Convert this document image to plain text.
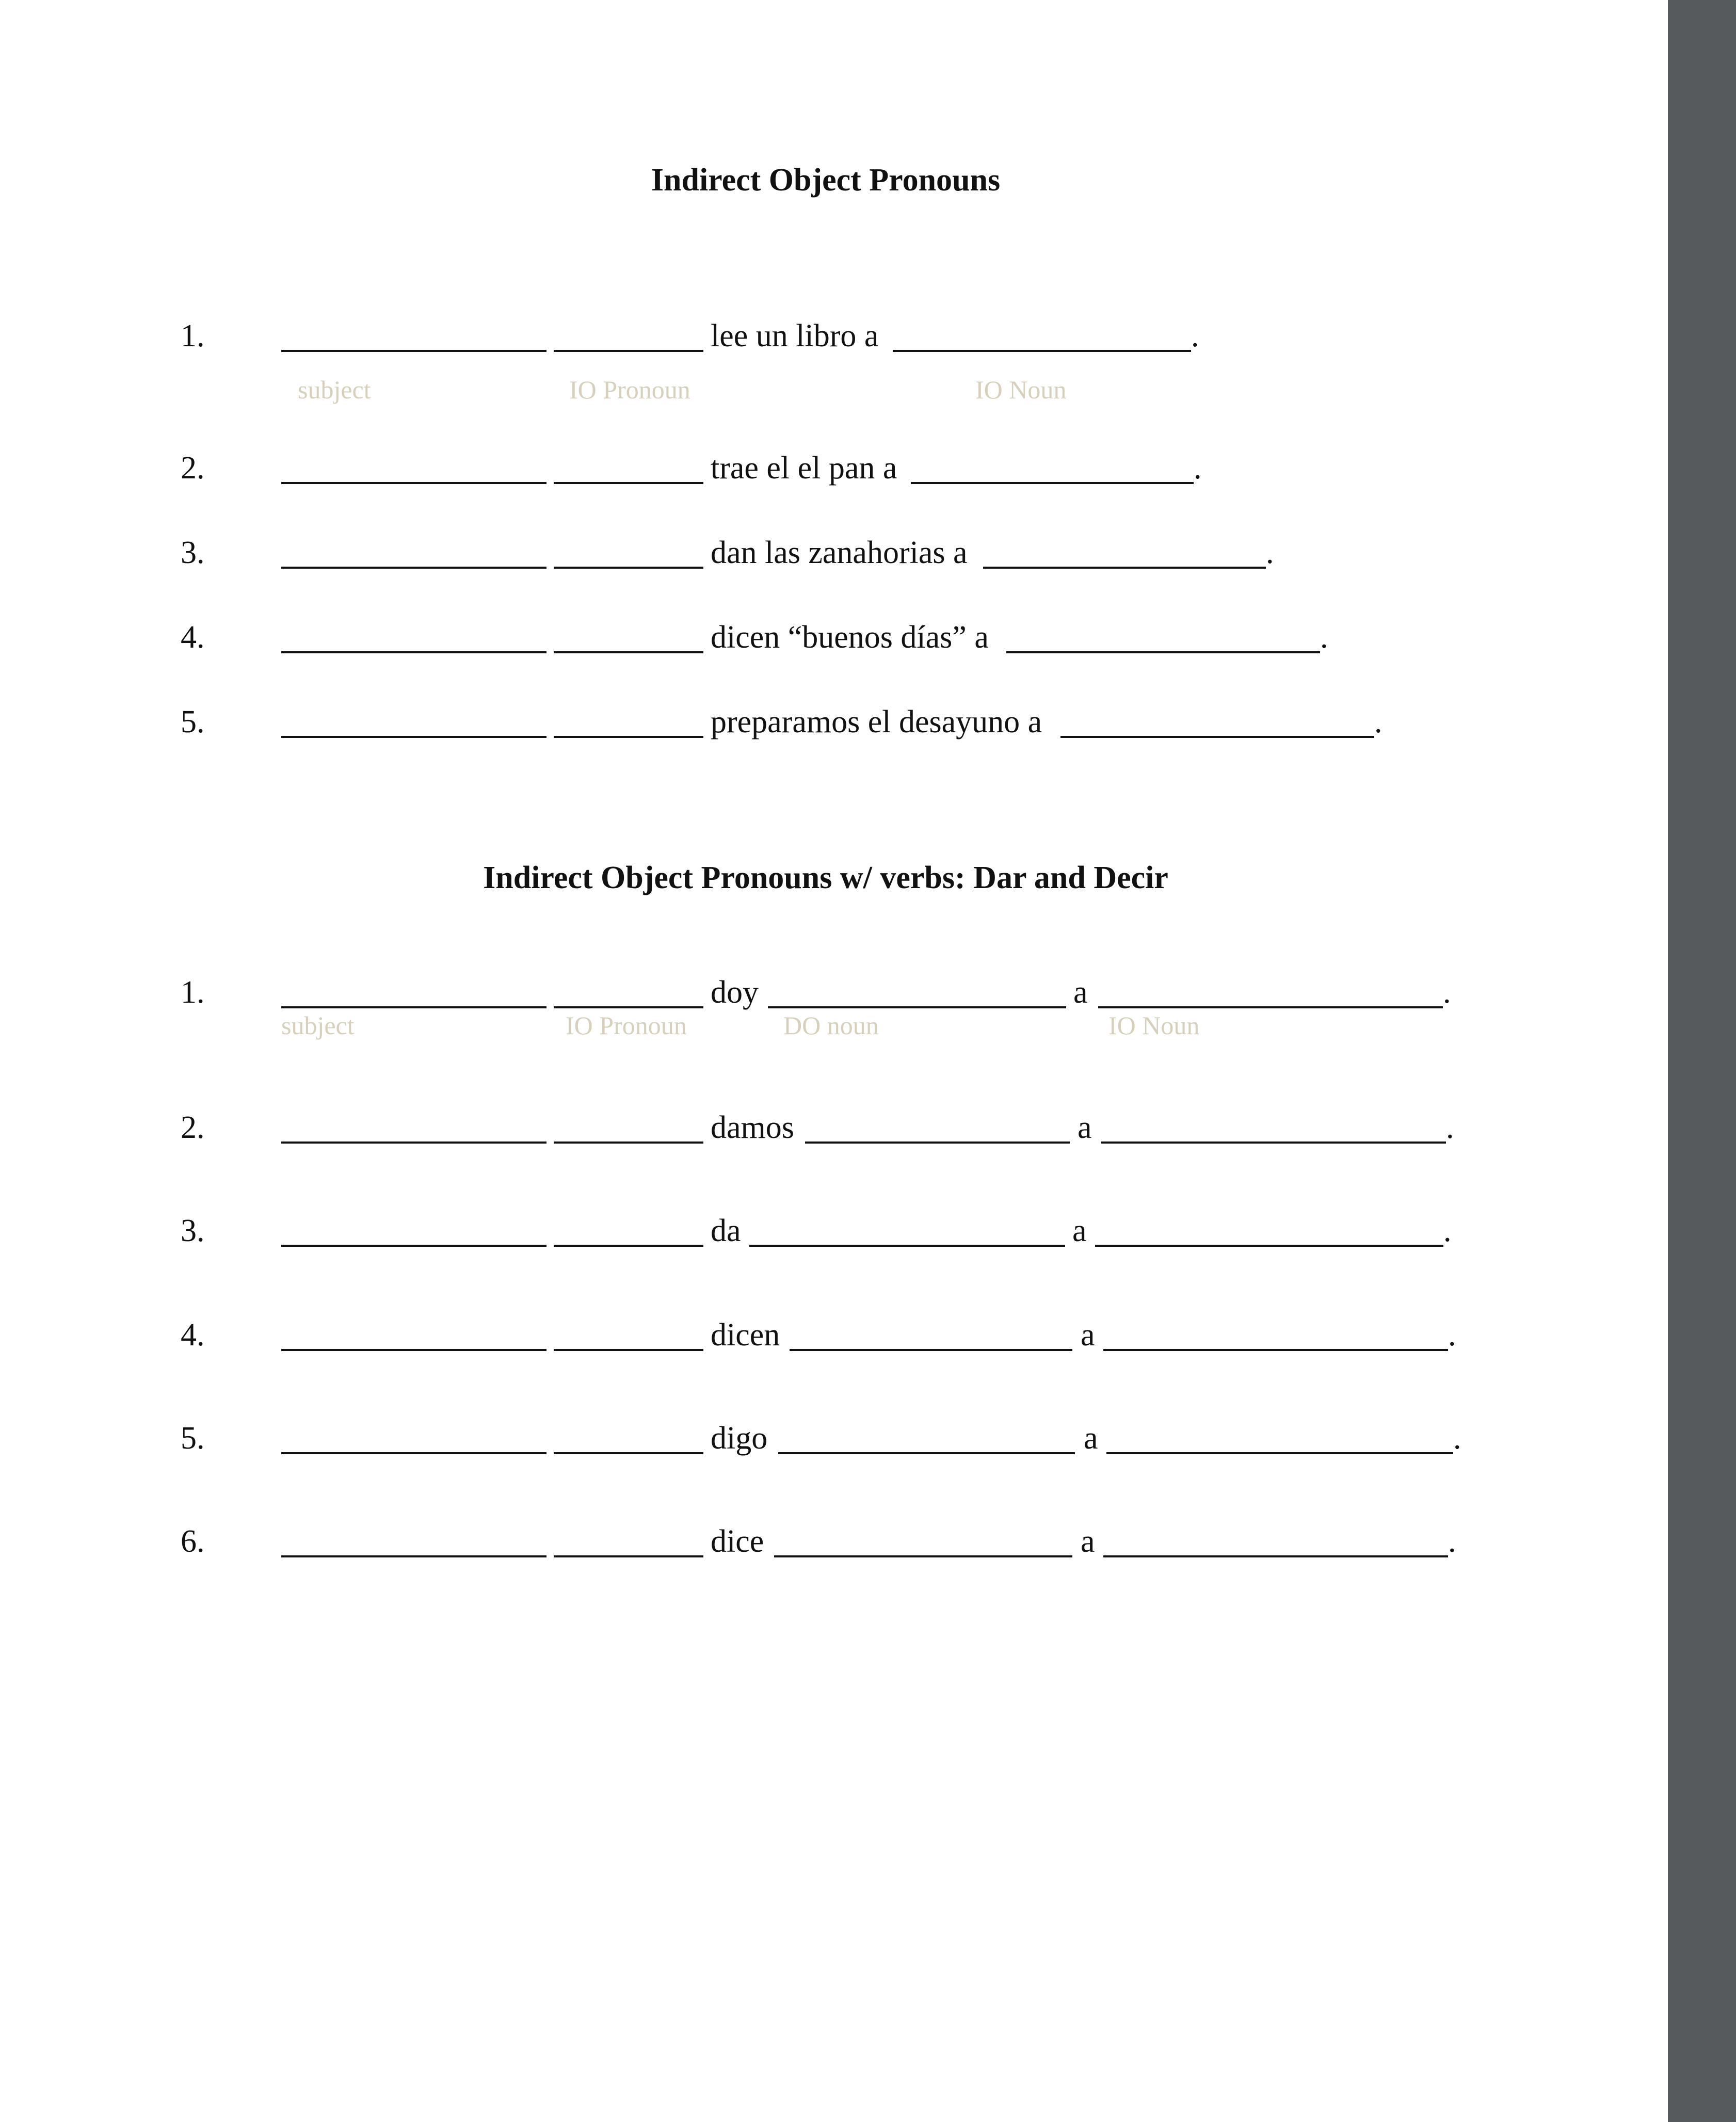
Indirect Object Pronouns
1.	lee un libro a	.
subject	IO Pronoun	IO Noun
2.	trae el el pan a	.
3.	dan las zanahorias a	.
4.	dicen “buenos días” a	.
5.	preparamos el desayuno a	.
Indirect Object Pronouns w/ verbs: Dar and Decir
1.	doy	a	.
subject	IO Pronoun	DO noun	IO Noun
2.	damos	a	.
3.	da	a	.
4.	dicen	a	.
5.	digo	a	.
6.	dice	a	.
